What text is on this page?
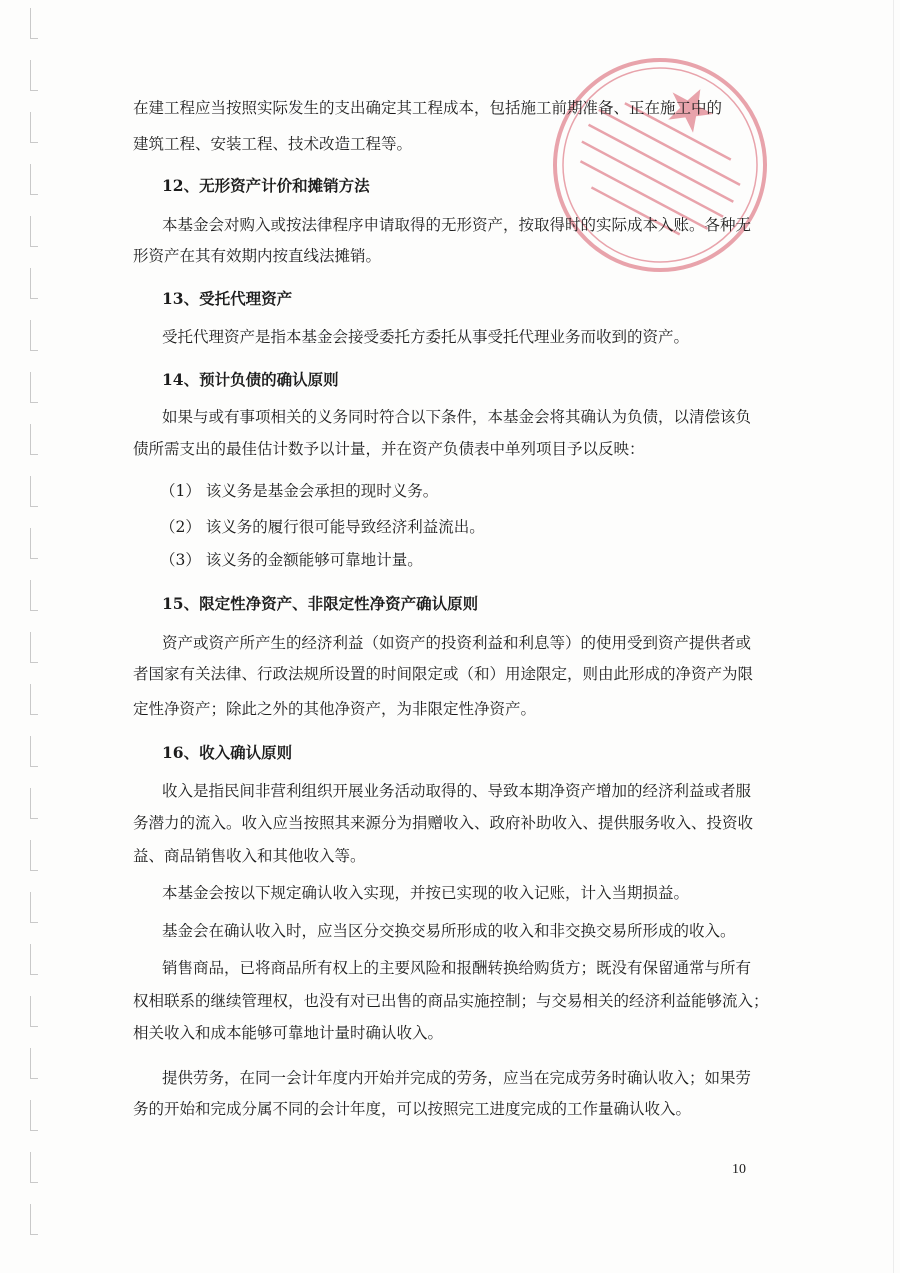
在建工程应当按照实际发生的支出确定其工程成本，包括施工前期准备、正在施工中的

建筑工程、安装工程、技术改造工程等。

12、无形资产计价和摊销方法

本基金会对购入或按法律程序申请取得的无形资产，按取得时的实际成本入账。各种无

形资产在其有效期内按直线法摊销。

13、受托代理资产

受托代理资产是指本基金会接受委托方委托从事受托代理业务而收到的资产。

14、预计负债的确认原则

如果与或有事项相关的义务同时符合以下条件，本基金会将其确认为负债，以清偿该负

债所需支出的最佳估计数予以计量，并在资产负债表中单列项目予以反映：

（1） 该义务是基金会承担的现时义务。

（2） 该义务的履行很可能导致经济利益流出。

（3） 该义务的金额能够可靠地计量。

15、限定性净资产、非限定性净资产确认原则

资产或资产所产生的经济利益（如资产的投资利益和利息等）的使用受到资产提供者或

者国家有关法律、行政法规所设置的时间限定或（和）用途限定，则由此形成的净资产为限

定性净资产；除此之外的其他净资产，为非限定性净资产。

16、收入确认原则

收入是指民间非营利组织开展业务活动取得的、导致本期净资产增加的经济利益或者服

务潜力的流入。收入应当按照其来源分为捐赠收入、政府补助收入、提供服务收入、投资收

益、商品销售收入和其他收入等。

本基金会按以下规定确认收入实现，并按已实现的收入记账，计入当期损益。

基金会在确认收入时，应当区分交换交易所形成的收入和非交换交易所形成的收入。

销售商品，已将商品所有权上的主要风险和报酬转换给购货方；既没有保留通常与所有

权相联系的继续管理权，也没有对已出售的商品实施控制；与交易相关的经济利益能够流入；

相关收入和成本能够可靠地计量时确认收入。

提供劳务，在同一会计年度内开始并完成的劳务，应当在完成劳务时确认收入；如果劳

务的开始和完成分属不同的会计年度，可以按照完工进度完成的工作量确认收入。

10
